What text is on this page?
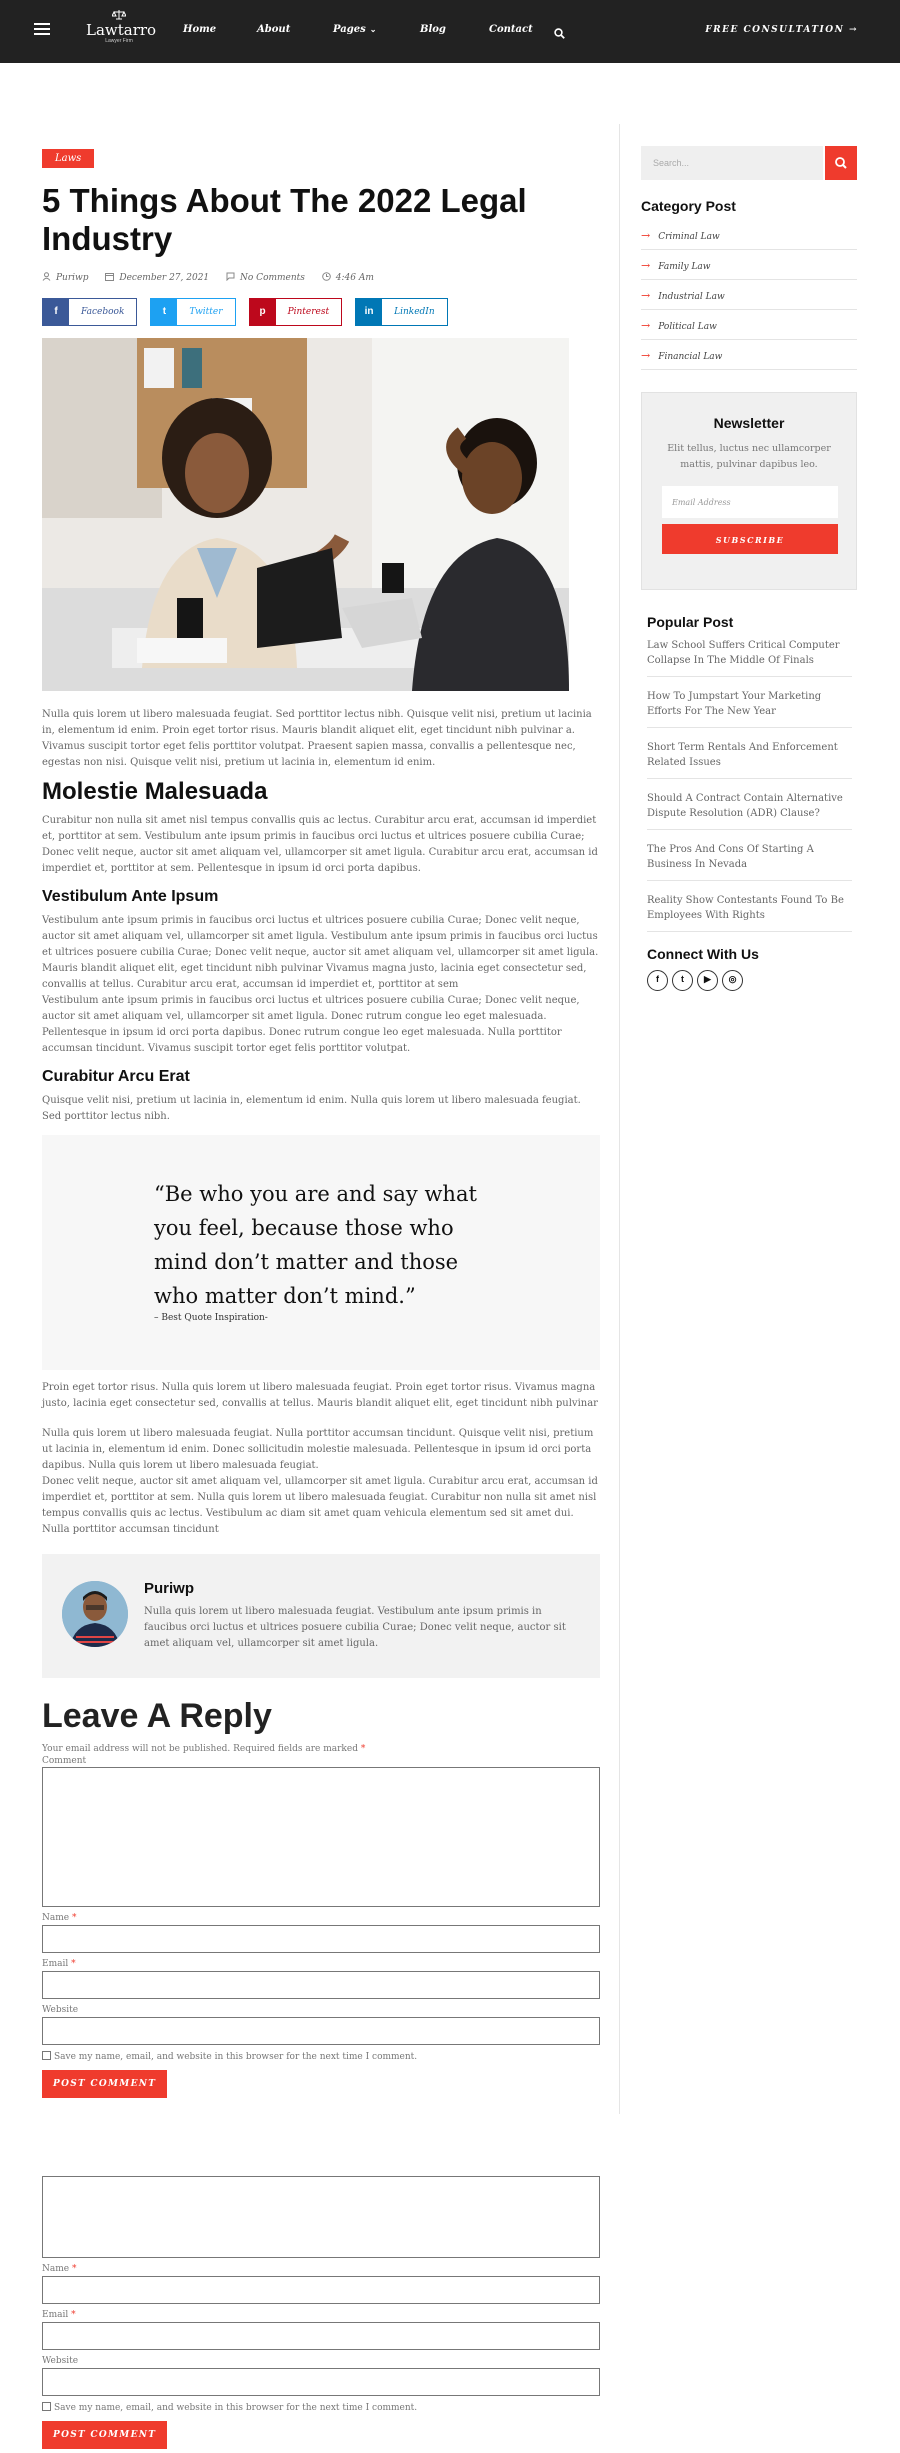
Lawtarro
Lawyer Firm
Home	About	Pages ⌄	Blog	Contact	FREE CONSULTATION →
Laws
5 Things About The 2022 Legal Industry
Puriwp	December 27, 2021	No Comments	4:46 Am
f	Facebook	t	Twitter	p	Pinterest	in	LinkedIn

Nulla quis lorem ut libero malesuada feugiat. Sed porttitor lectus nibh. Quisque velit nisi, pretium ut lacinia in, elementum id enim. Proin eget tortor risus. Mauris blandit aliquet elit, eget tincidunt nibh pulvinar a. Vivamus suscipit tortor eget felis porttitor volutpat. Praesent sapien massa, convallis a pellentesque nec, egestas non nisi. Quisque velit nisi, pretium ut lacinia in, elementum id enim.

Molestie Malesuada

Curabitur non nulla sit amet nisl tempus convallis quis ac lectus. Curabitur arcu erat, accumsan id imperdiet et, porttitor at sem. Vestibulum ante ipsum primis in faucibus orci luctus et ultrices posuere cubilia Curae; Donec velit neque, auctor sit amet aliquam vel, ullamcorper sit amet ligula. Curabitur arcu erat, accumsan id imperdiet et, porttitor at sem. Pellentesque in ipsum id orci porta dapibus.

Vestibulum Ante Ipsum

Vestibulum ante ipsum primis in faucibus orci luctus et ultrices posuere cubilia Curae; Donec velit neque, auctor sit amet aliquam vel, ullamcorper sit amet ligula. Vestibulum ante ipsum primis in faucibus orci luctus et ultrices posuere cubilia Curae; Donec velit neque, auctor sit amet aliquam vel, ullamcorper sit amet ligula. Mauris blandit aliquet elit, eget tincidunt nibh pulvinar Vivamus magna justo, lacinia eget consectetur sed, convallis at tellus. Curabitur arcu erat, accumsan id imperdiet et, porttitor at sem

Vestibulum ante ipsum primis in faucibus orci luctus et ultrices posuere cubilia Curae; Donec velit neque, auctor sit amet aliquam vel, ullamcorper sit amet ligula. Donec rutrum congue leo eget malesuada. Pellentesque in ipsum id orci porta dapibus. Donec rutrum congue leo eget malesuada. Nulla porttitor accumsan tincidunt. Vivamus suscipit tortor eget felis porttitor volutpat.

Curabitur Arcu Erat

Quisque velit nisi, pretium ut lacinia in, elementum id enim. Nulla quis lorem ut libero malesuada feugiat. Sed porttitor lectus nibh.

“Be who you are and say what you feel, because those who mind don’t matter and those who matter don’t mind.”
– Best Quote Inspiration-

Proin eget tortor risus. Nulla quis lorem ut libero malesuada feugiat. Proin eget tortor risus. Vivamus magna justo, lacinia eget consectetur sed, convallis at tellus. Mauris blandit aliquet elit, eget tincidunt nibh pulvinar

Nulla quis lorem ut libero malesuada feugiat. Nulla porttitor accumsan tincidunt. Quisque velit nisi, pretium ut lacinia in, elementum id enim. Donec sollicitudin molestie malesuada. Pellentesque in ipsum id orci porta dapibus. Nulla quis lorem ut libero malesuada feugiat.

Donec velit neque, auctor sit amet aliquam vel, ullamcorper sit amet ligula. Curabitur arcu erat, accumsan id imperdiet et, porttitor at sem. Nulla quis lorem ut libero malesuada feugiat. Curabitur non nulla sit amet nisl tempus convallis quis ac lectus. Vestibulum ac diam sit amet quam vehicula elementum sed sit amet dui. Nulla porttitor accumsan tincidunt

Puriwp
Nulla quis lorem ut libero malesuada feugiat. Vestibulum ante ipsum primis in faucibus orci luctus et ultrices posuere cubilia Curae; Donec velit neque, auctor sit amet aliquam vel, ullamcorper sit amet ligula.
Leave A Reply
Your email address will not be published. Required fields are marked *
Comment
Name *
Email *
Website
Save my name, email, and website in this browser for the next time I comment.
POST COMMENT
Name *
Email *
Website
Save my name, email, and website in this browser for the next time I comment.
POST COMMENT
Search...
Category Post
→ Criminal Law
→ Family Law
→ Industrial Law
→ Political Law
→ Financial Law
Newsletter
Elit tellus, luctus nec ullamcorper mattis, pulvinar dapibus leo.
Email Address
SUBSCRIBE
Popular Post
Law School Suffers Critical Computer Collapse In The Middle Of Finals
How To Jumpstart Your Marketing Efforts For The New Year
Short Term Rentals And Enforcement Related Issues
Should A Contract Contain Alternative Dispute Resolution (ADR) Clause?
The Pros And Cons Of Starting A Business In Nevada
Reality Show Contestants Found To Be Employees With Rights
Connect With Us
f	t	▶	◎
